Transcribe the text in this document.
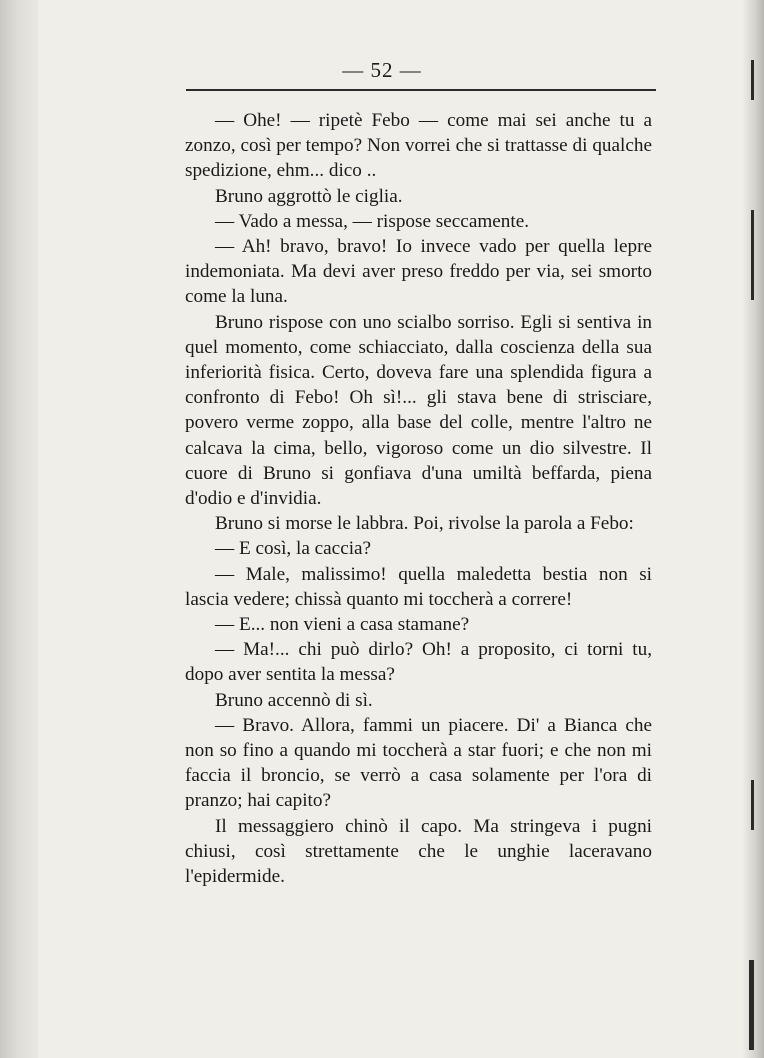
— 52 —

— Ohe! — ripetè Febo — come mai sei anche tu a zonzo, così per tempo? Non vorrei che si trattasse di qualche spedizione, ehm... dico ..

Bruno aggrottò le ciglia.

— Vado a messa, — rispose seccamente.

— Ah! bravo, bravo! Io invece vado per quella lepre indemoniata. Ma devi aver preso freddo per via, sei smorto come la luna.

Bruno rispose con uno scialbo sorriso. Egli si sentiva in quel momento, come schiacciato, dalla coscienza della sua inferiorità fisica. Certo, doveva fare una splendida figura a confronto di Febo! Oh sì!... gli stava bene di strisciare, povero verme zoppo, alla base del colle, mentre l'altro ne calcava la cima, bello, vigoroso come un dio silvestre. Il cuore di Bruno si gonfiava d'una umiltà beffarda, piena d'odio e d'invidia.

Bruno si morse le labbra. Poi, rivolse la parola a Febo:

— E così, la caccia?

— Male, malissimo! quella maledetta bestia non si lascia vedere; chissà quanto mi toccherà a correre!

— E... non vieni a casa stamane?

— Ma!... chi può dirlo? Oh! a proposito, ci torni tu, dopo aver sentita la messa?

Bruno accennò di sì.

— Bravo. Allora, fammi un piacere. Di' a Bianca che non so fino a quando mi toccherà a star fuori; e che non mi faccia il broncio, se verrò a casa solamente per l'ora di pranzo; hai capito?

Il messaggiero chinò il capo. Ma stringeva i pugni chiusi, così strettamente che le unghie laceravano l'epidermide.
